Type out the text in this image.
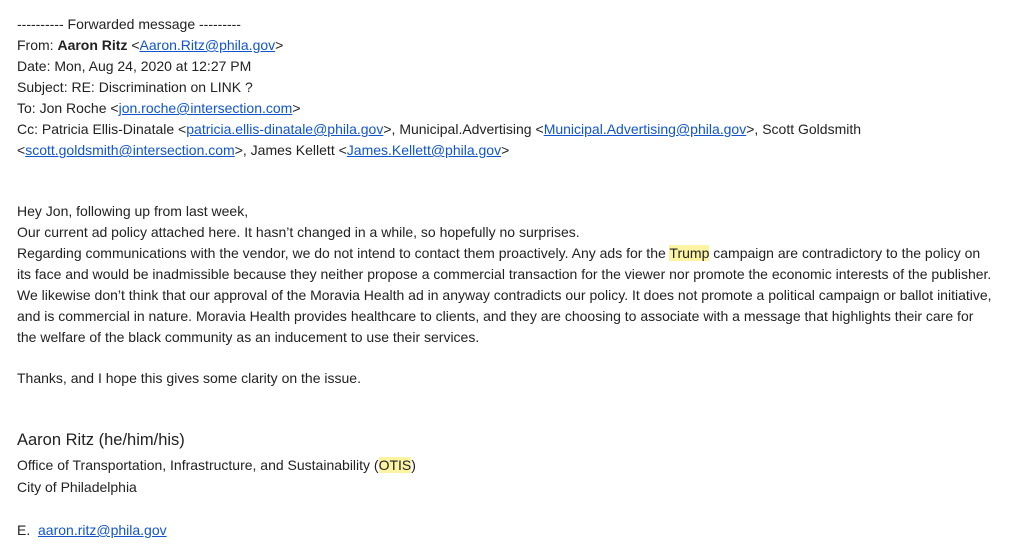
---------- Forwarded message ---------
From: Aaron Ritz <Aaron.Ritz@phila.gov>
Date: Mon, Aug 24, 2020 at 12:27 PM
Subject: RE: Discrimination on LINK ?
To: Jon Roche <jon.roche@intersection.com>
Cc: Patricia Ellis-Dinatale <patricia.ellis-dinatale@phila.gov>, Municipal.Advertising <Municipal.Advertising@phila.gov>, Scott Goldsmith
<scott.goldsmith@intersection.com>, James Kellett <James.Kellett@phila.gov>
Hey Jon, following up from last week,
Our current ad policy attached here. It hasn’t changed in a while, so hopefully no surprises.
Regarding communications with the vendor, we do not intend to contact them proactively. Any ads for the Trump campaign are contradictory to the policy on
its face and would be inadmissible because they neither propose a commercial transaction for the viewer nor promote the economic interests of the publisher.
We likewise don’t think that our approval of the Moravia Health ad in anyway contradicts our policy. It does not promote a political campaign or ballot initiative,
and is commercial in nature. Moravia Health provides healthcare to clients, and they are choosing to associate with a message that highlights their care for
the welfare of the black community as an inducement to use their services.
Thanks, and I hope this gives some clarity on the issue.
Aaron Ritz (he/him/his)
Office of Transportation, Infrastructure, and Sustainability (OTIS)
City of Philadelphia
E. aaron.ritz@phila.gov
